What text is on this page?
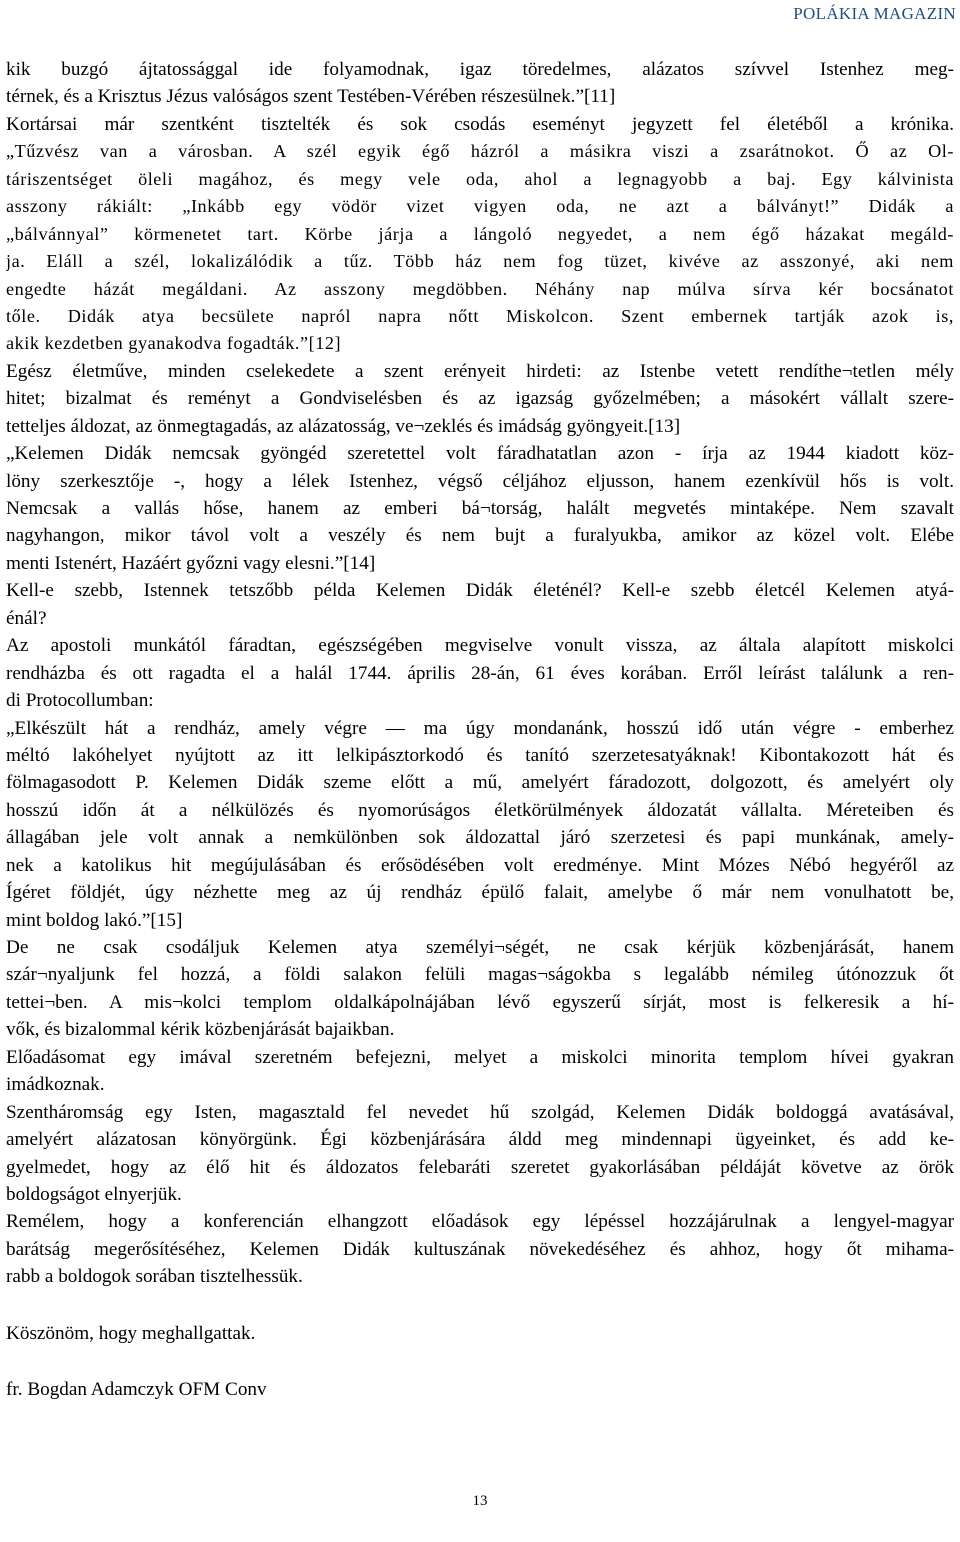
POLÁKIA MAGAZIN
kik buzgó ájtatossággal ide folyamodnak, igaz töredelmes, alázatos szívvel Istenhez meg-
térnek, és a Krisztus Jézus valóságos szent Testében-Vérében részesülnek.”[11]
Kortársai már szentként tisztelték és sok csodás eseményt jegyzett fel életéből a krónika.
„Tűzvész van a városban. A szél egyik égő házról a másikra viszi a zsarátnokot. Ő az Ol-
táriszentséget öleli magához, és megy vele oda, ahol a legnagyobb a baj. Egy kálvinista
asszony rákiált: „Inkább egy vödör vizet vigyen oda, ne azt a bálványt!” Didák a
„bálvánnyal” körmenetet tart. Körbe járja a lángoló negyedet, a nem égő házakat megáld-
ja. Eláll a szél, lokalizálódik a tűz. Több ház nem fog tüzet, kivéve az asszonyé, aki nem
engedte házát megáldani. Az asszony megdöbben. Néhány nap múlva sírva kér bocsánatot
tőle. Didák atya becsülete napról napra nőtt Miskolcon. Szent embernek tartják azok is,
akik kezdetben gyanakodva fogadták.”[12]
Egész életműve, minden cselekedete a szent erényeit hirdeti: az Istenbe vetett rendíthe¬tetlen mély
hitet; bizalmat és reményt a Gondviselésben és az igazság győzelmében; a másokért vállalt szere-
tetteljes áldozat, az önmegtagadás, az alázatosság, ve¬zeklés és imádság gyöngyeit.[13]
„Kelemen Didák nemcsak gyöngéd szeretettel volt fáradhatatlan azon - írja az 1944 kiadott köz-
löny szerkesztője -, hogy a lélek Istenhez, végső céljához eljusson, hanem ezenkívül hős is volt.
Nemcsak a vallás hőse, hanem az emberi bá¬torság, halált megvetés mintaképe. Nem szavalt
nagyhangon, mikor távol volt a veszély és nem bujt a furalyukba, amikor az közel volt. Elébe
menti Istenért, Hazáért győzni vagy elesni.”[14]
Kell-e szebb, Istennek tetszőbb példa Kelemen Didák életénél? Kell-e szebb életcél Kelemen atyá-
énál?
Az apostoli munkától fáradtan, egészségében megviselve vonult vissza, az általa alapított miskolci
rendházba és ott ragadta el a halál 1744. április 28-án, 61 éves korában. Erről leírást találunk a ren-
di Protocollumban:
„Elkészült hát a rendház, amely végre — ma úgy mondanánk, hosszú idő után végre - emberhez
méltó lakóhelyet nyújtott az itt lelkipásztorkodó és tanító szerzetesatyáknak! Kibontakozott hát és
fölmagasodott P. Kelemen Didák szeme előtt a mű, amelyért fáradozott, dolgozott, és amelyért oly
hosszú időn át a nélkülözés és nyomorúságos életkörülmények áldozatát vállalta. Méreteiben és
állagában jele volt annak a nemkülönben sok áldozattal járó szerzetesi és papi munkának, amely-
nek a katolikus hit megújulásában és erősödésében volt eredménye. Mint Mózes Nébó hegyéről az
Ígéret földjét, úgy nézhette meg az új rendház épülő falait, amelybe ő már nem vonulhatott be,
mint boldog lakó.”[15]
De ne csak csodáljuk Kelemen atya személyi¬ségét, ne csak kérjük közbenjárását, hanem
szár¬nyaljunk fel hozzá, a földi salakon felüli magas¬ságokba s legalább némileg útónozzuk őt
tettei¬ben. A mis¬kolci templom oldalkápolnájában lévő egyszerű sírját, most is felkeresik a hí-
vők, és bizalommal kérik közbenjárását bajaikban.
Előadásomat egy imával szeretném befejezni, melyet a miskolci minorita templom hívei gyakran
imádkoznak.
Szentháromság egy Isten, magasztald fel nevedet hű szolgád, Kelemen Didák boldoggá avatásával,
amelyért alázatosan könyörgünk. Égi közbenjárására áldd meg mindennapi ügyeinket, és add ke-
gyelmedet, hogy az élő hit és áldozatos felebaráti szeretet gyakorlásában példáját követve az örök
boldogságot elnyerjük.
Remélem, hogy a konferencián elhangzott előadások egy lépéssel hozzájárulnak a lengyel-magyar
barátság megerősítéséhez, Kelemen Didák kultuszának növekedéséhez és ahhoz, hogy őt mihama-
rabb a boldogok sorában tisztelhessük.
Köszönöm, hogy meghallgattak.
fr. Bogdan Adamczyk OFM Conv
13
